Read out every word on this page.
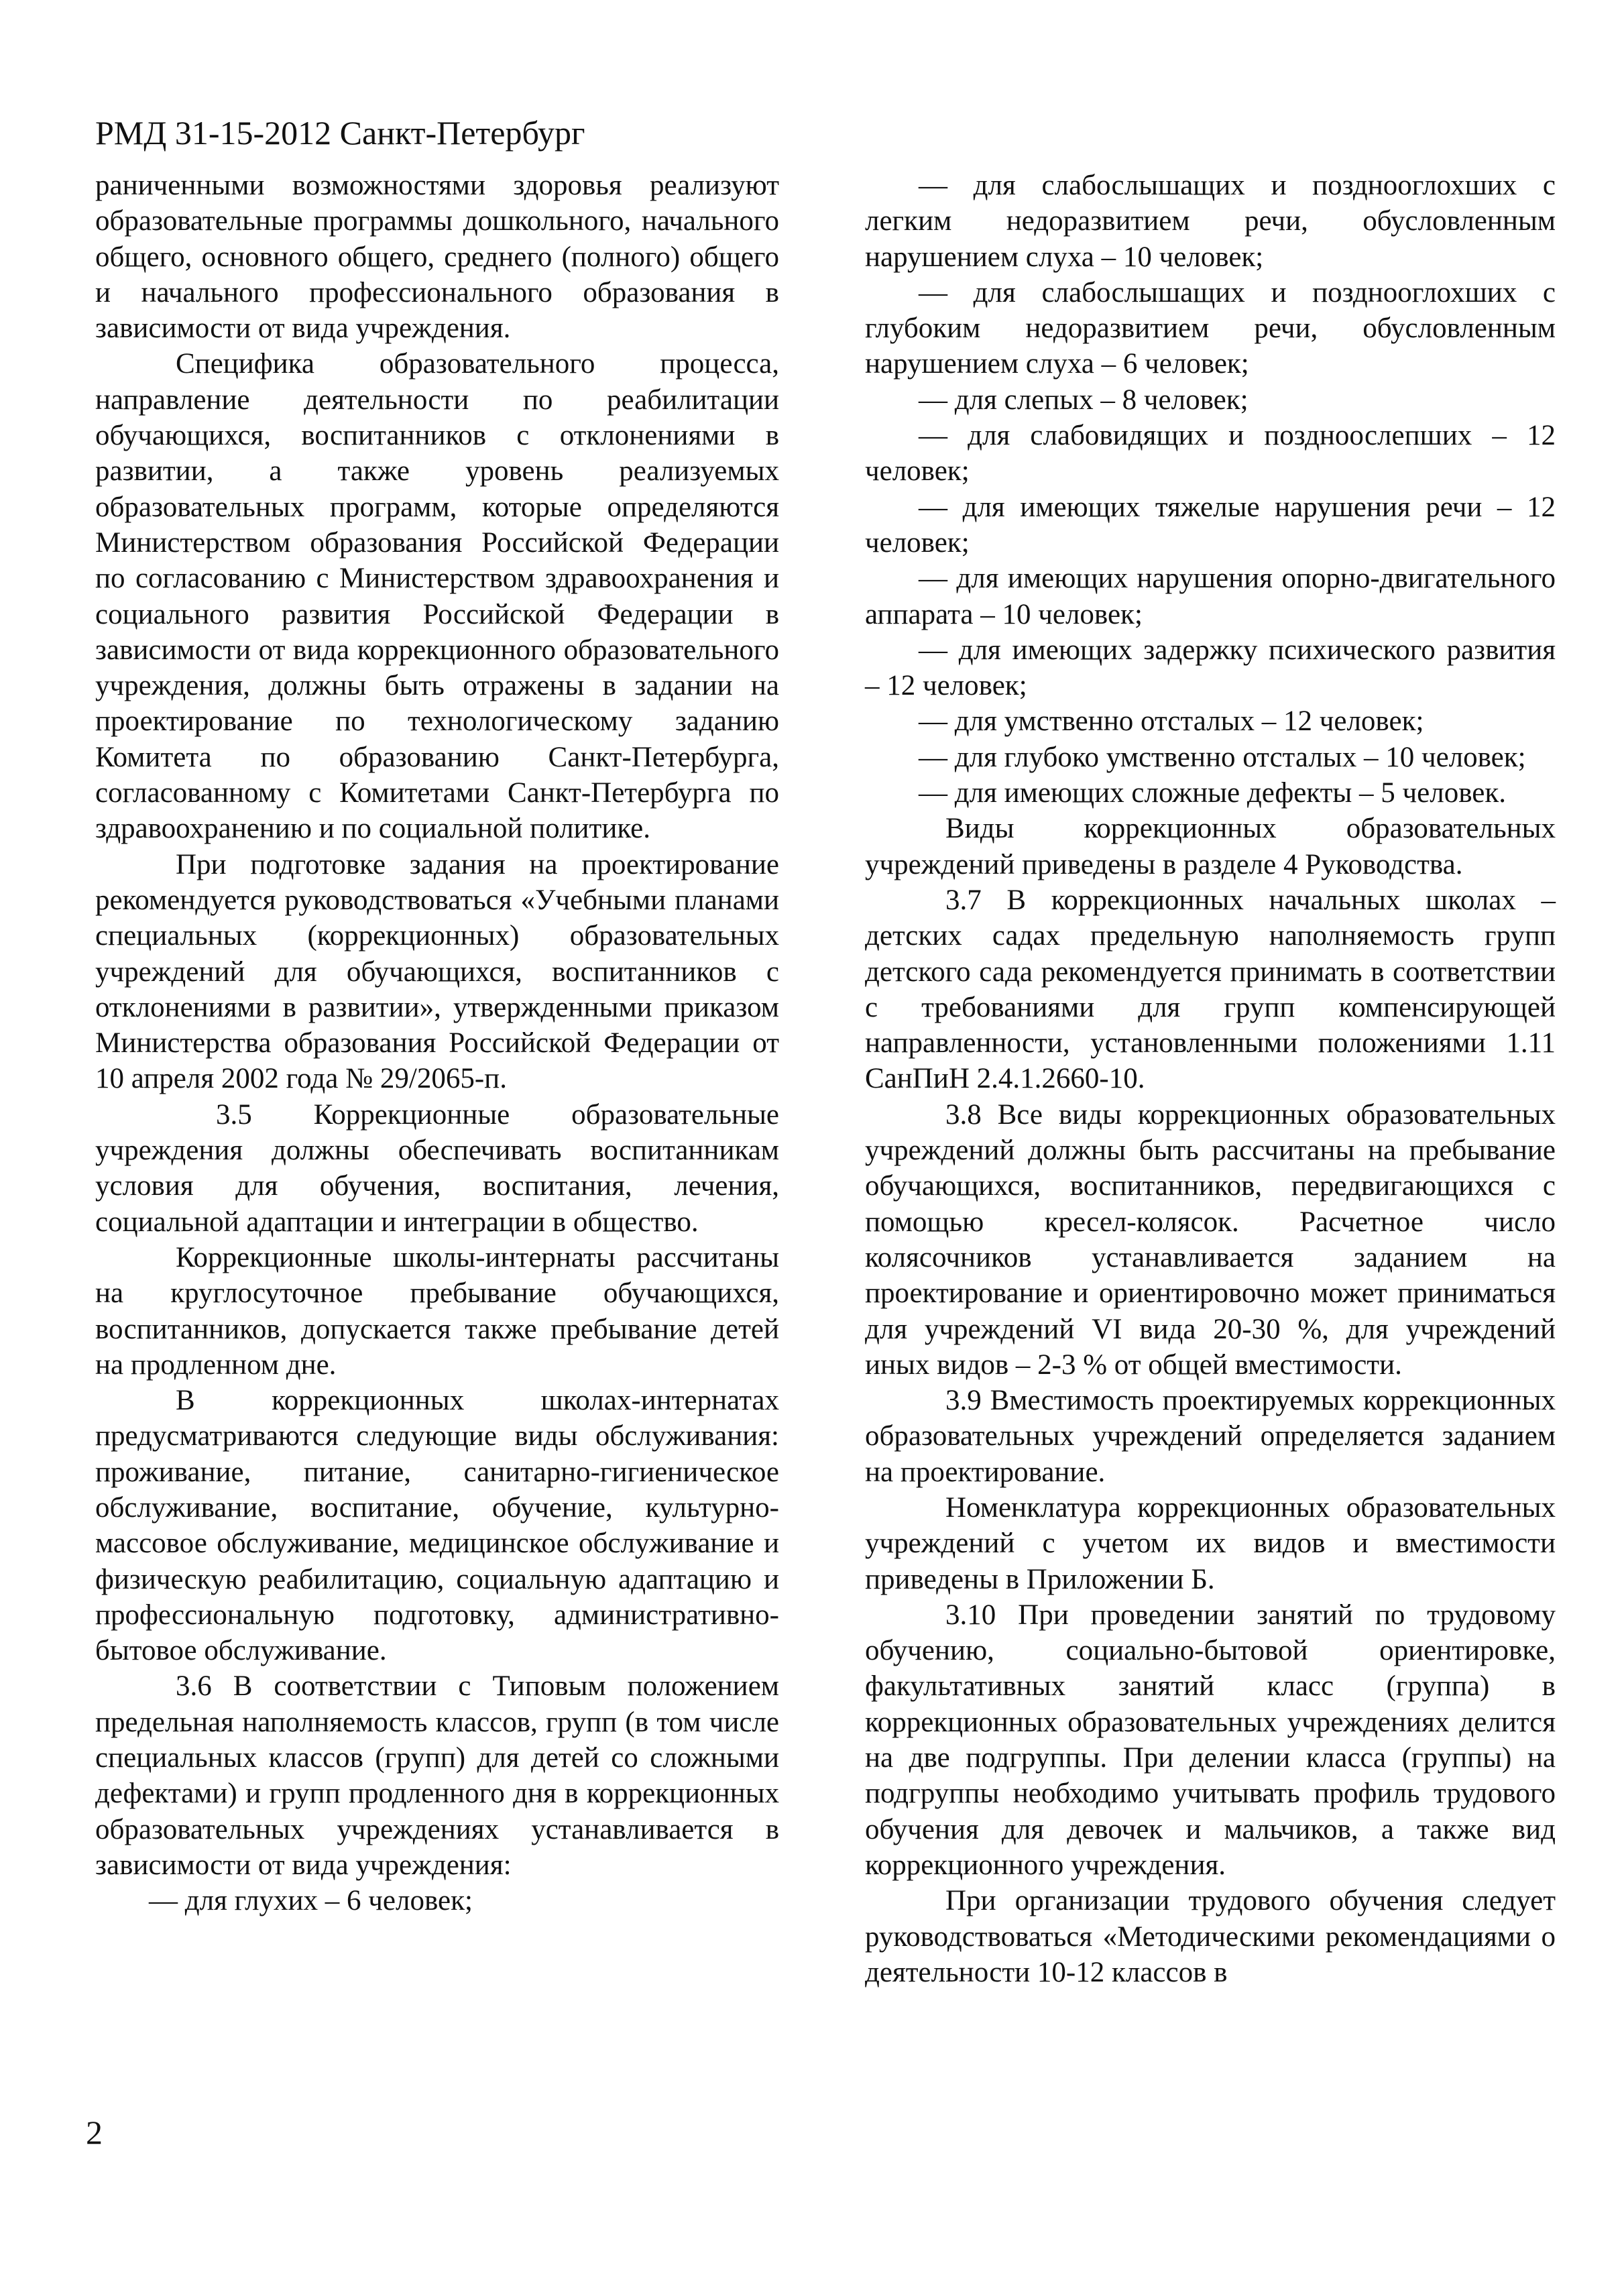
РМД 31-15-2012 Санкт-Петербург

раниченными возможностями здоровья реализуют образовательные программы дошкольного, начального общего, основного общего, среднего (полного) общего и начального профессионального образования в зависимости от вида учреждения.

Специфика образовательного процесса, направление деятельности по реабилитации обучающихся, воспитанников с отклонениями в развитии, а также уровень реализуемых образовательных программ, которые определяются Министерством образования Российской Федерации по согласованию с Министерством здравоохранения и социального развития Российской Федерации в зависимости от вида коррекционного образовательного учреждения, должны быть отражены в задании на проектирование по технологическому заданию Комитета по образованию Санкт-Петербурга, согласованному с Комитетами Санкт-Петербурга по здравоохранению и по социальной политике.

При подготовке задания на проектирование рекомендуется руководствоваться «Учебными планами специальных (коррекционных) образовательных учреждений для обучающихся, воспитанников с отклонениями в развитии», утвержденными приказом Министерства образования Российской Федерации от 10 апреля 2002 года № 29/2065-п.

3.5 Коррекционные образовательные учреждения должны обеспечивать воспитанникам условия для обучения, воспитания, лечения, социальной адаптации и интеграции в общество.

Коррекционные школы-интернаты рассчитаны на круглосуточное пребывание обучающихся, воспитанников, допускается также пребывание детей на продленном дне.

В коррекционных школах-интернатах предусматриваются следующие виды обслуживания: проживание, питание, санитарно-гигиеническое обслуживание, воспитание, обучение, культурно-массовое обслуживание, медицинское обслуживание и физическую реабилитацию, социальную адаптацию и профессиональную подготовку, административно-бытовое обслуживание.

3.6 В соответствии с Типовым положением предельная наполняемость классов, групп (в том числе специальных классов (групп) для детей со сложными дефектами) и групп продленного дня в коррекционных образовательных учреждениях устанавливается в зависимости от вида учреждения:

— для глухих – 6 человек;

— для слабослышащих и позднооглохших с легким недоразвитием речи, обусловленным нарушением слуха – 10 человек;

— для слабослышащих и позднооглохших с глубоким недоразвитием речи, обусловленным нарушением слуха – 6 человек;

— для слепых – 8 человек;

— для слабовидящих и поздноослепших – 12 человек;

— для имеющих тяжелые нарушения речи – 12 человек;

— для имеющих нарушения опорно-двигательного аппарата – 10 человек;

— для имеющих задержку психического развития – 12 человек;

— для умственно отсталых – 12 человек;

— для глубоко умственно отсталых – 10 человек;

— для имеющих сложные дефекты – 5 человек.

Виды коррекционных образовательных учреждений приведены в разделе 4 Руководства.

3.7 В коррекционных начальных школах – детских садах предельную наполняемость групп детского сада рекомендуется принимать в соответствии с требованиями для групп компенсирующей направленности, установленными положениями 1.11 СанПиН 2.4.1.2660-10.

3.8 Все виды коррекционных образовательных учреждений должны быть рассчитаны на пребывание обучающихся, воспитанников, передвигающихся с помощью кресел-колясок. Расчетное число колясочников устанавливается заданием на проектирование и ориентировочно может приниматься для учреждений VI вида 20-30 %, для учреждений иных видов – 2-3 % от общей вместимости.

3.9 Вместимость проектируемых коррекционных образовательных учреждений определяется заданием на проектирование.

Номенклатура коррекционных образовательных учреждений с учетом их видов и вместимости приведены в Приложении Б.

3.10 При проведении занятий по трудовому обучению, социально-бытовой ориентировке, факультативных занятий класс (группа) в коррекционных образовательных учреждениях делится на две подгруппы. При делении класса (группы) на подгруппы необходимо учитывать профиль трудового обучения для девочек и мальчиков, а также вид коррекционного учреждения.

При организации трудового обучения следует руководствоваться «Методическими рекомендациями о деятельности 10-12 классов в

2
